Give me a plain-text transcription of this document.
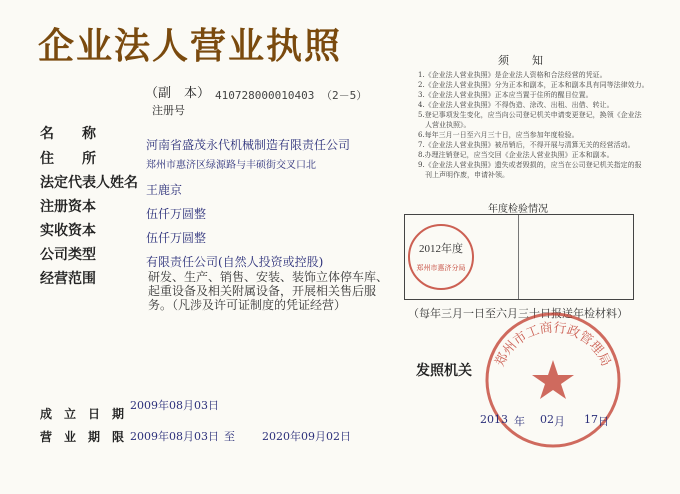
企业法人营业执照
（副　本） 410728000010403 （2－5）
注册号
名　　称
住　　所
法定代表人姓名
注册资本
实收资本
公司类型
经营范围
河南省盛茂永代机械制造有限责任公司
郑州市惠济区绿源路与丰硕街交叉口北
王鹿京
伍仟万圆整
伍仟万圆整
有限责任公司(自然人投资或控股)
研发、生产、销售、安装、装饰立体停车库、起重设备及相关附属设备，开展相关售后服务。（凡涉及许可证制度的凭证经营）
成　立　日　期
2009年08月03日
营　业　期　限 2009年08月03日 至 2020年09月02日
须　知
1.《企业法人营业执照》是企业法人资格和合法经营的凭证。
2.《企业法人营业执照》分为正本和副本，正本和副本具有同等法律效力。
3.《企业法人营业执照》正本应当置于住所的醒目位置。
4.《企业法人营业执照》不得伪造、涂改、出租、出借、转让。
5.登记事项发生变化，应当向公司登记机关申请变更登记，换领《企业法
　人营业执照》。
6.每年三月一日至六月三十日，应当参加年度检验。
7.《企业法人营业执照》被吊销后，不得开展与清算无关的经营活动。
8.办理注销登记，应当交回《企业法人营业执照》正本和副本。
9.《企业法人营业执照》遗失或者毁损的，应当在公司登记机关指定的报
　刊上声明作废，申请补领。
年度检验情况
（每年三月一日至六月三十日报送年检材料）
2012年度
郑州市惠济分局
发照机关
郑州市工商行政管理局
2013 年 02 月 17 日
